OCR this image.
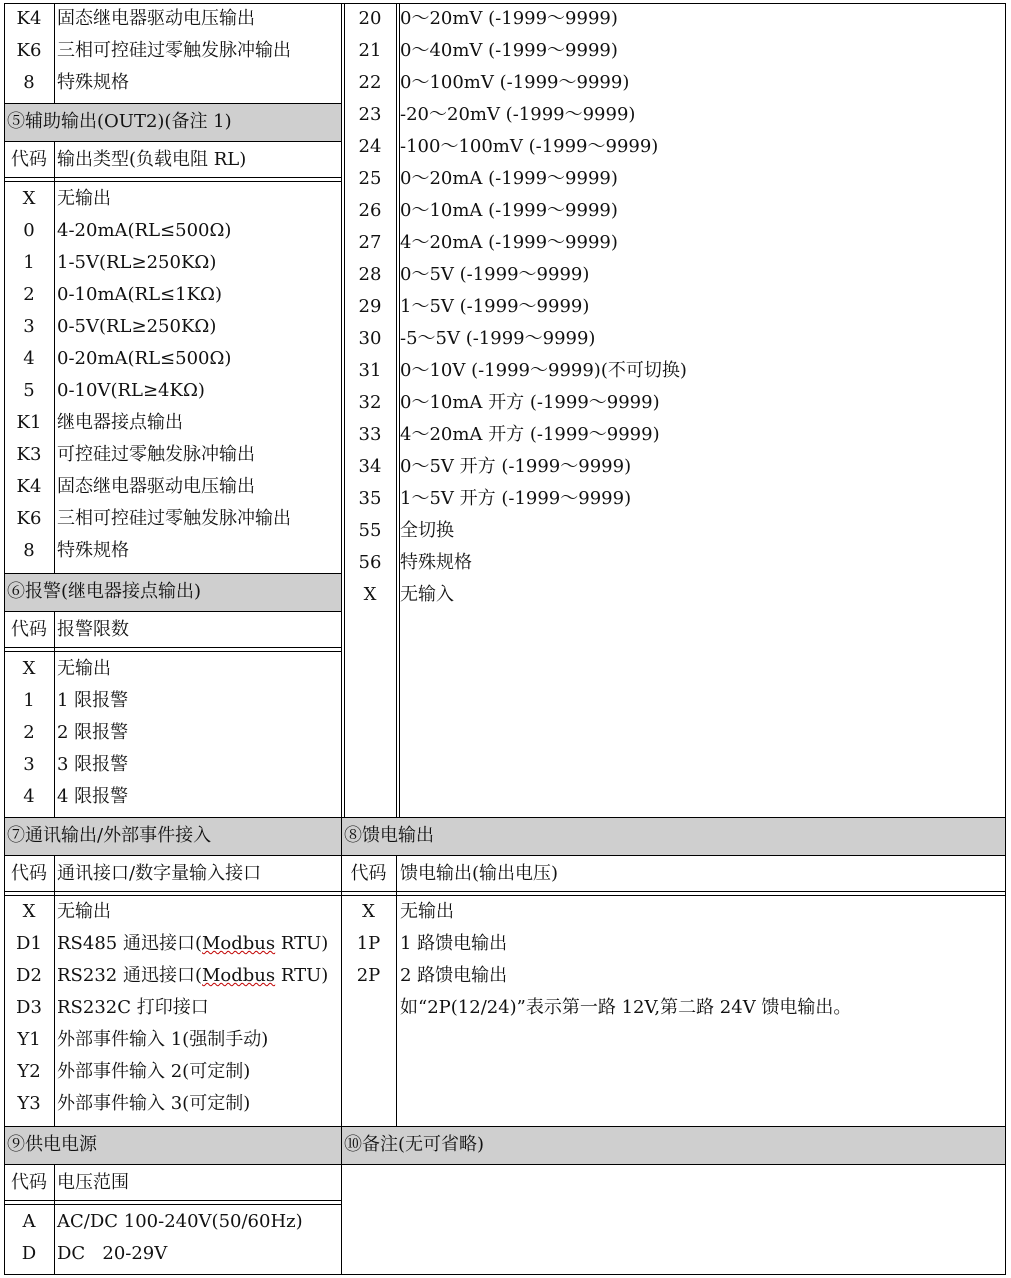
K4 固态继电器驱动电压输出
K6 三相可控硅过零触发脉冲输出
8	特殊规格
⑤辅助输出(OUT2)(备注 1)
代码 输出类型(负载电阻 RL)
X	无输出
0	4-20mA(RL≤500Ω)
1	1-5V(RL≥250KΩ)
2	0-10mA(RL≤1KΩ)
3	0-5V(RL≥250KΩ)
4	0-20mA(RL≤500Ω)
5	0-10V(RL≥4KΩ)
K1 继电器接点输出
K3 可控硅过零触发脉冲输出
K4 固态继电器驱动电压输出
K6 三相可控硅过零触发脉冲输出
8	特殊规格
⑥报警(继电器接点输出)
代码 报警限数
X	无输出
1	1 限报警
2	2 限报警
3	3 限报警
4	4 限报警
20	0～20mV (-1999～9999)
21	0～40mV (-1999～9999)
22	0～100mV (-1999～9999)
23	-20～20mV (-1999～9999)
24	-100～100mV (-1999～9999)
25	0～20mA (-1999～9999)
26	0～10mA (-1999～9999)
27	4～20mA (-1999～9999)
28	0～5V (-1999～9999)
29	1～5V (-1999～9999)
30	-5～5V (-1999～9999)
31	0～10V (-1999～9999)(不可切换)
32	0～10mA 开方 (-1999～9999)
33	4～20mA 开方 (-1999～9999)
34	0～5V 开方 (-1999～9999)
35	1～5V 开方 (-1999～9999)
55	全切换
56	特殊规格
X	无输入
⑦通讯输出/外部事件接入
代码 通讯接口/数字量输入接口
X	无输出
D1 RS485 通迅接口(Modbus RTU)
D2 RS232 通迅接口(Modbus RTU)
D3 RS232C 打印接口
Y1 外部事件输入 1(强制手动)
Y2 外部事件输入 2(可定制)
Y3 外部事件输入 3(可定制)
⑧馈电输出
代码 馈电输出(输出电压)
X	无输出
1P	1 路馈电输出
2P	2 路馈电输出
如“2P(12/24)”表示第一路 12V,第二路 24V 馈电输出。
⑨供电电源
代码 电压范围
A	AC/DC 100-240V(50/60Hz)
D	DC   20-29V
⑩备注(无可省略)
